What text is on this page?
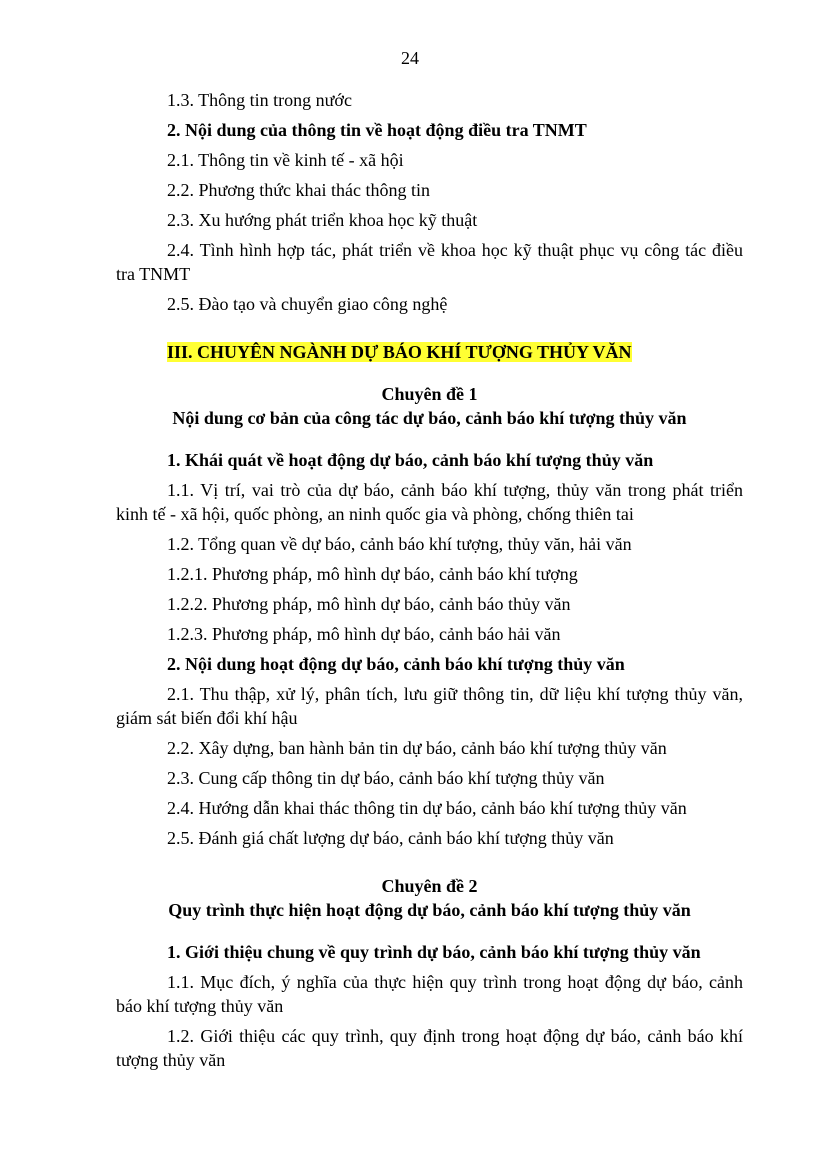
24

1.3. Thông tin trong nước

2. Nội dung của thông tin về hoạt động điều tra TNMT

2.1. Thông tin về kinh tế - xã hội

2.2. Phương thức khai thác thông tin

2.3. Xu hướng phát triển khoa học kỹ thuật

2.4. Tình hình hợp tác, phát triển về khoa học kỹ thuật phục vụ công tác điều tra TNMT

2.5. Đào tạo và chuyển giao công nghệ

III. CHUYÊN NGÀNH DỰ BÁO KHÍ TƯỢNG THỦY VĂN

Chuyên đề 1

Nội dung cơ bản của công tác dự báo, cảnh báo khí tượng thủy văn

1. Khái quát về hoạt động dự báo, cảnh báo khí tượng thủy văn

1.1. Vị trí, vai trò của dự báo, cảnh báo khí tượng, thủy văn trong phát triển kinh tế - xã hội, quốc phòng, an ninh quốc gia và phòng, chống thiên tai

1.2. Tổng quan về dự báo, cảnh báo khí tượng, thủy văn, hải văn

1.2.1. Phương pháp, mô hình dự báo, cảnh báo khí tượng

1.2.2. Phương pháp, mô hình dự báo, cảnh báo thủy văn

1.2.3. Phương pháp, mô hình dự báo, cảnh báo hải văn

2. Nội dung hoạt động dự báo, cảnh báo khí tượng thủy văn

2.1. Thu thập, xử lý, phân tích, lưu giữ thông tin, dữ liệu khí tượng thủy văn, giám sát biến đổi khí hậu

2.2. Xây dựng, ban hành bản tin dự báo, cảnh báo khí tượng thủy văn

2.3. Cung cấp thông tin dự báo, cảnh báo khí tượng thủy văn

2.4. Hướng dẫn khai thác thông tin dự báo, cảnh báo khí tượng thủy văn

2.5. Đánh giá chất lượng dự báo, cảnh báo khí tượng thủy văn

Chuyên đề 2

Quy trình thực hiện hoạt động dự báo, cảnh báo khí tượng thủy văn

1. Giới thiệu chung về quy trình dự báo, cảnh báo khí tượng thủy văn

1.1. Mục đích, ý nghĩa của thực hiện quy trình trong hoạt động dự báo, cảnh báo khí tượng thủy văn

1.2. Giới thiệu các quy trình, quy định trong hoạt động dự báo, cảnh báo khí tượng thủy văn
